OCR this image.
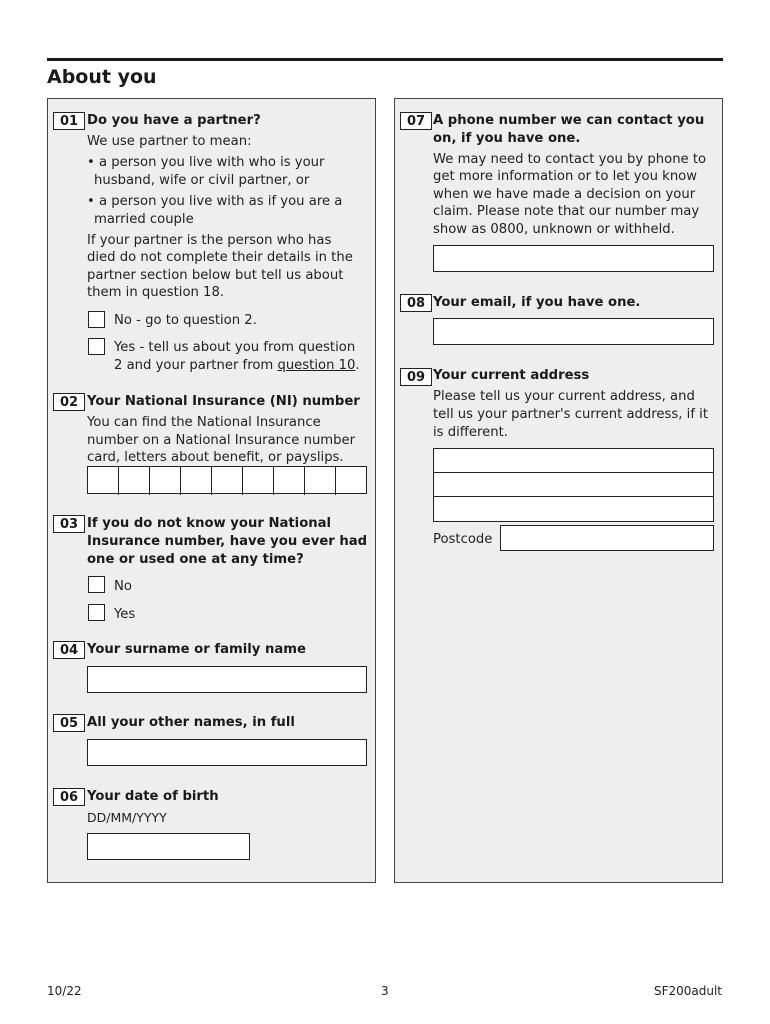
About you
01 Do you have a partner?
We use partner to mean:
• a person you live with who is your
husband, wife or civil partner, or
• a person you live with as if you are a
married couple
If your partner is the person who has
died do not complete their details in the
partner section below but tell us about
them in question 18.
No - go to question 2.
Yes - tell us about you from question
2 and your partner from question 10.
02 Your National Insurance (NI) number
You can find the National Insurance
number on a National Insurance number
card, letters about benefit, or payslips.
03 If you do not know your National
Insurance number, have you ever had
one or used one at any time?
No
Yes
04 Your surname or family name
05 All your other names, in full
06 Your date of birth
DD/MM/YYYY
07 A phone number we can contact you
on, if you have one.
We may need to contact you by phone to
get more information or to let you know
when we have made a decision on your
claim. Please note that our number may
show as 0800, unknown or withheld.
08 Your email, if you have one.
09 Your current address
Please tell us your current address, and
tell us your partner's current address, if it
is different.
Postcode
10/22	3	SF200adult
